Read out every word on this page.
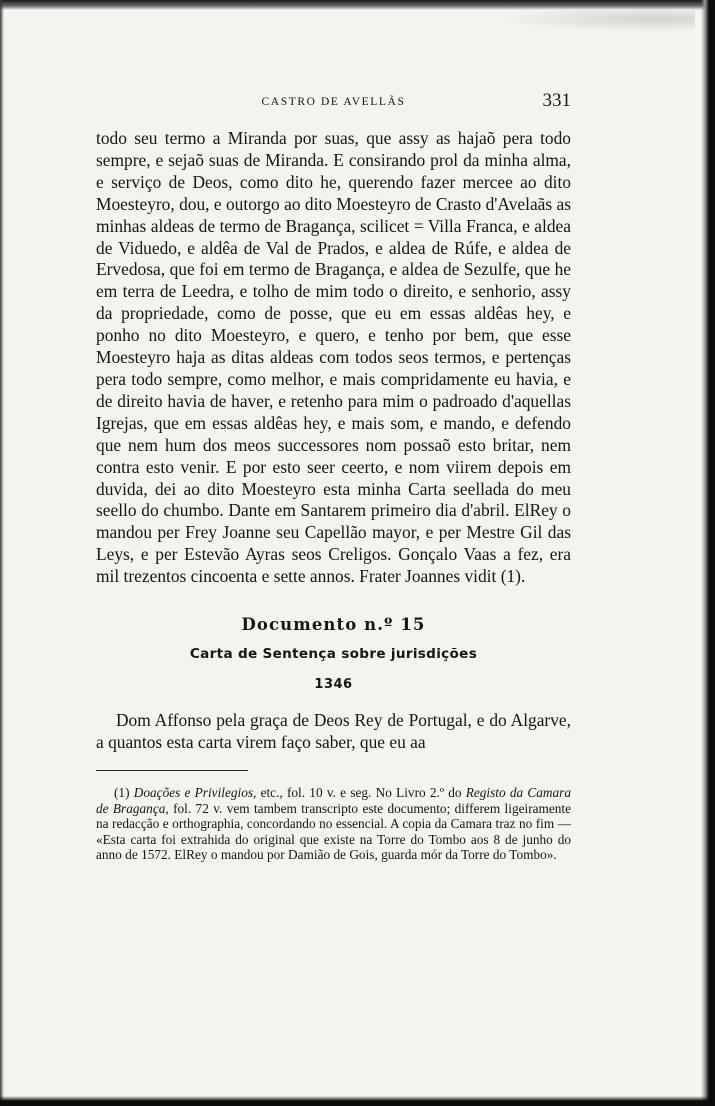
CASTRO DE AVELLÃS	331

todo seu termo a Miranda por suas, que assy as hajaõ pera todo sempre, e sejaõ suas de Miranda. E consirando prol da minha alma, e serviço de Deos, como dito he, querendo fazer mercee ao dito Moesteyro, dou, e outorgo ao dito Moesteyro de Crasto d'Avelaãs as minhas aldeas de termo de Bragança, scilicet = Villa Franca, e aldea de Viduedo, e aldêa de Val de Prados, e aldea de Rúfe, e aldea de Ervedosa, que foi em termo de Bragança, e aldea de Sezulfe, que he em terra de Leedra, e tolho de mim todo o direito, e senhorio, assy da propriedade, como de posse, que eu em essas aldêas hey, e ponho no dito Moesteyro, e quero, e tenho por bem, que esse Moesteyro haja as ditas aldeas com todos seos termos, e pertenças pera todo sempre, como melhor, e mais compridamente eu havia, e de direito havia de haver, e retenho para mim o padroado d'aquellas Igrejas, que em essas aldêas hey, e mais som, e mando, e defendo que nem hum dos meos successores nom possaõ esto britar, nem contra esto venir. E por esto seer ceerto, e nom viirem depois em duvida, dei ao dito Moesteyro esta minha Carta seellada do meu seello do chumbo. Dante em Santarem primeiro dia d'abril. ElRey o mandou per Frey Joanne seu Capellão mayor, e per Mestre Gil das Leys, e per Estevão Ayras seos Creligos. Gonçalo Vaas a fez, era mil trezentos cincoenta e sette annos. Frater Joannes vidit (1).

Documento n.º 15
Carta de Sentença sobre jurisdições
1346

Dom Affonso pela graça de Deos Rey de Portugal, e do Algarve, a quantos esta carta virem faço saber, que eu aa

(1) Doações e Privilegios, etc., fol. 10 v. e seg. No Livro 2.º do Registo da Camara de Bragança, fol. 72 v. vem tambem transcripto este documento; differem ligeiramente na redacção e orthographia, concordando no essencial. A copia da Camara traz no fim — «Esta carta foi extrahida do original que existe na Torre do Tombo aos 8 de junho do anno de 1572. ElRey o mandou por Damião de Gois, guarda mór da Torre do Tombo».
